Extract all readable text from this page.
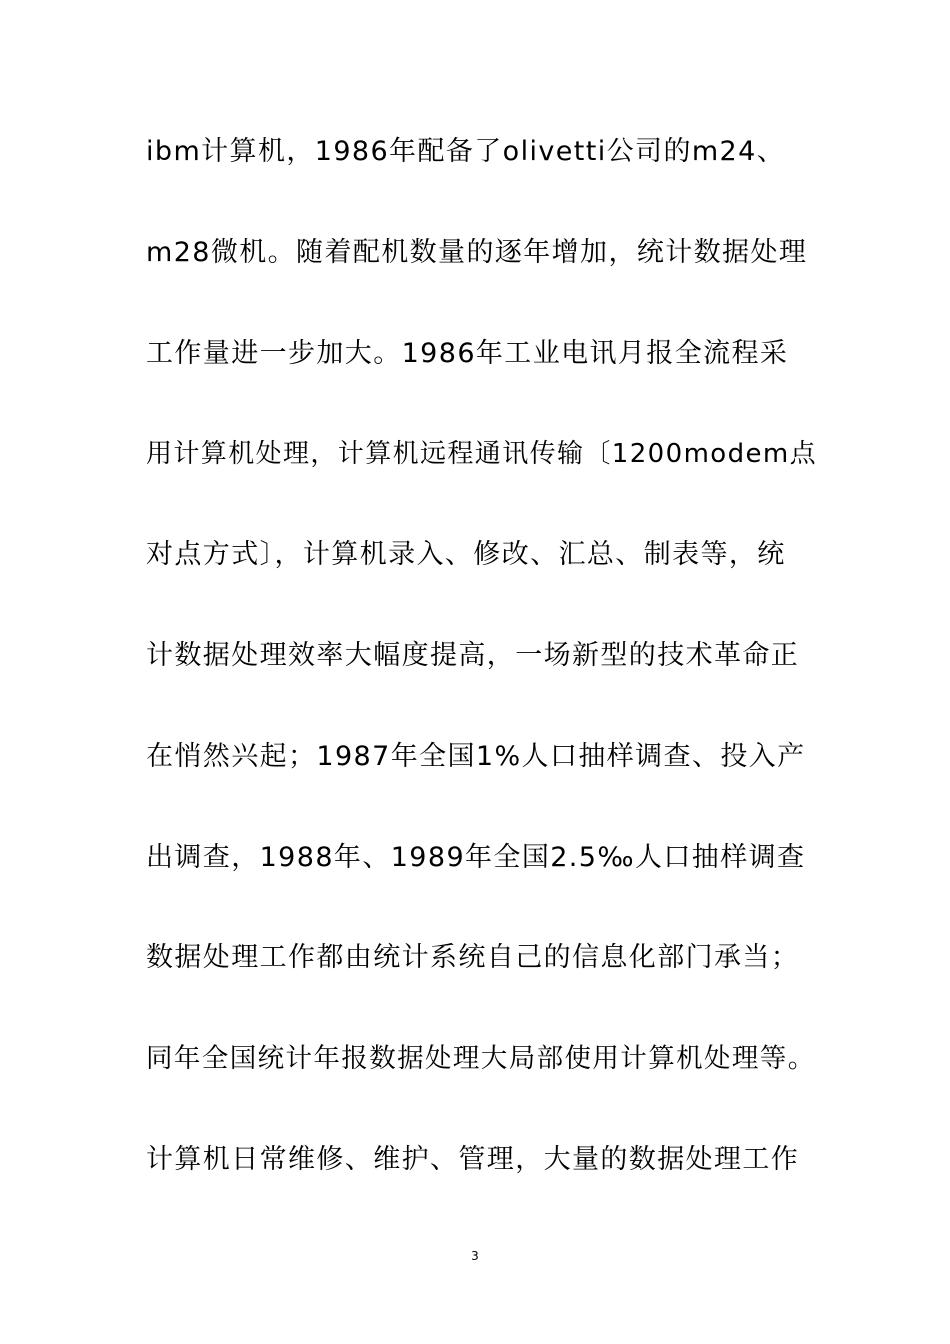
ibm计算机，1986年配备了olivetti公司的m24、
m28微机。随着配机数量的逐年增加，统计数据处理
工作量进一步加大。1986年工业电讯月报全流程采
用计算机处理，计算机远程通讯传输〔1200modem点
对点方式〕，计算机录入、修改、汇总、制表等，统
计数据处理效率大幅度提高，一场新型的技术革命正
在悄然兴起；1987年全国1%人口抽样调查、投入产
出调查，1988年、1989年全国2.5‰人口抽样调查
数据处理工作都由统计系统自己的信息化部门承当；
同年全国统计年报数据处理大局部使用计算机处理等。
计算机日常维修、维护、管理，大量的数据处理工作
3
